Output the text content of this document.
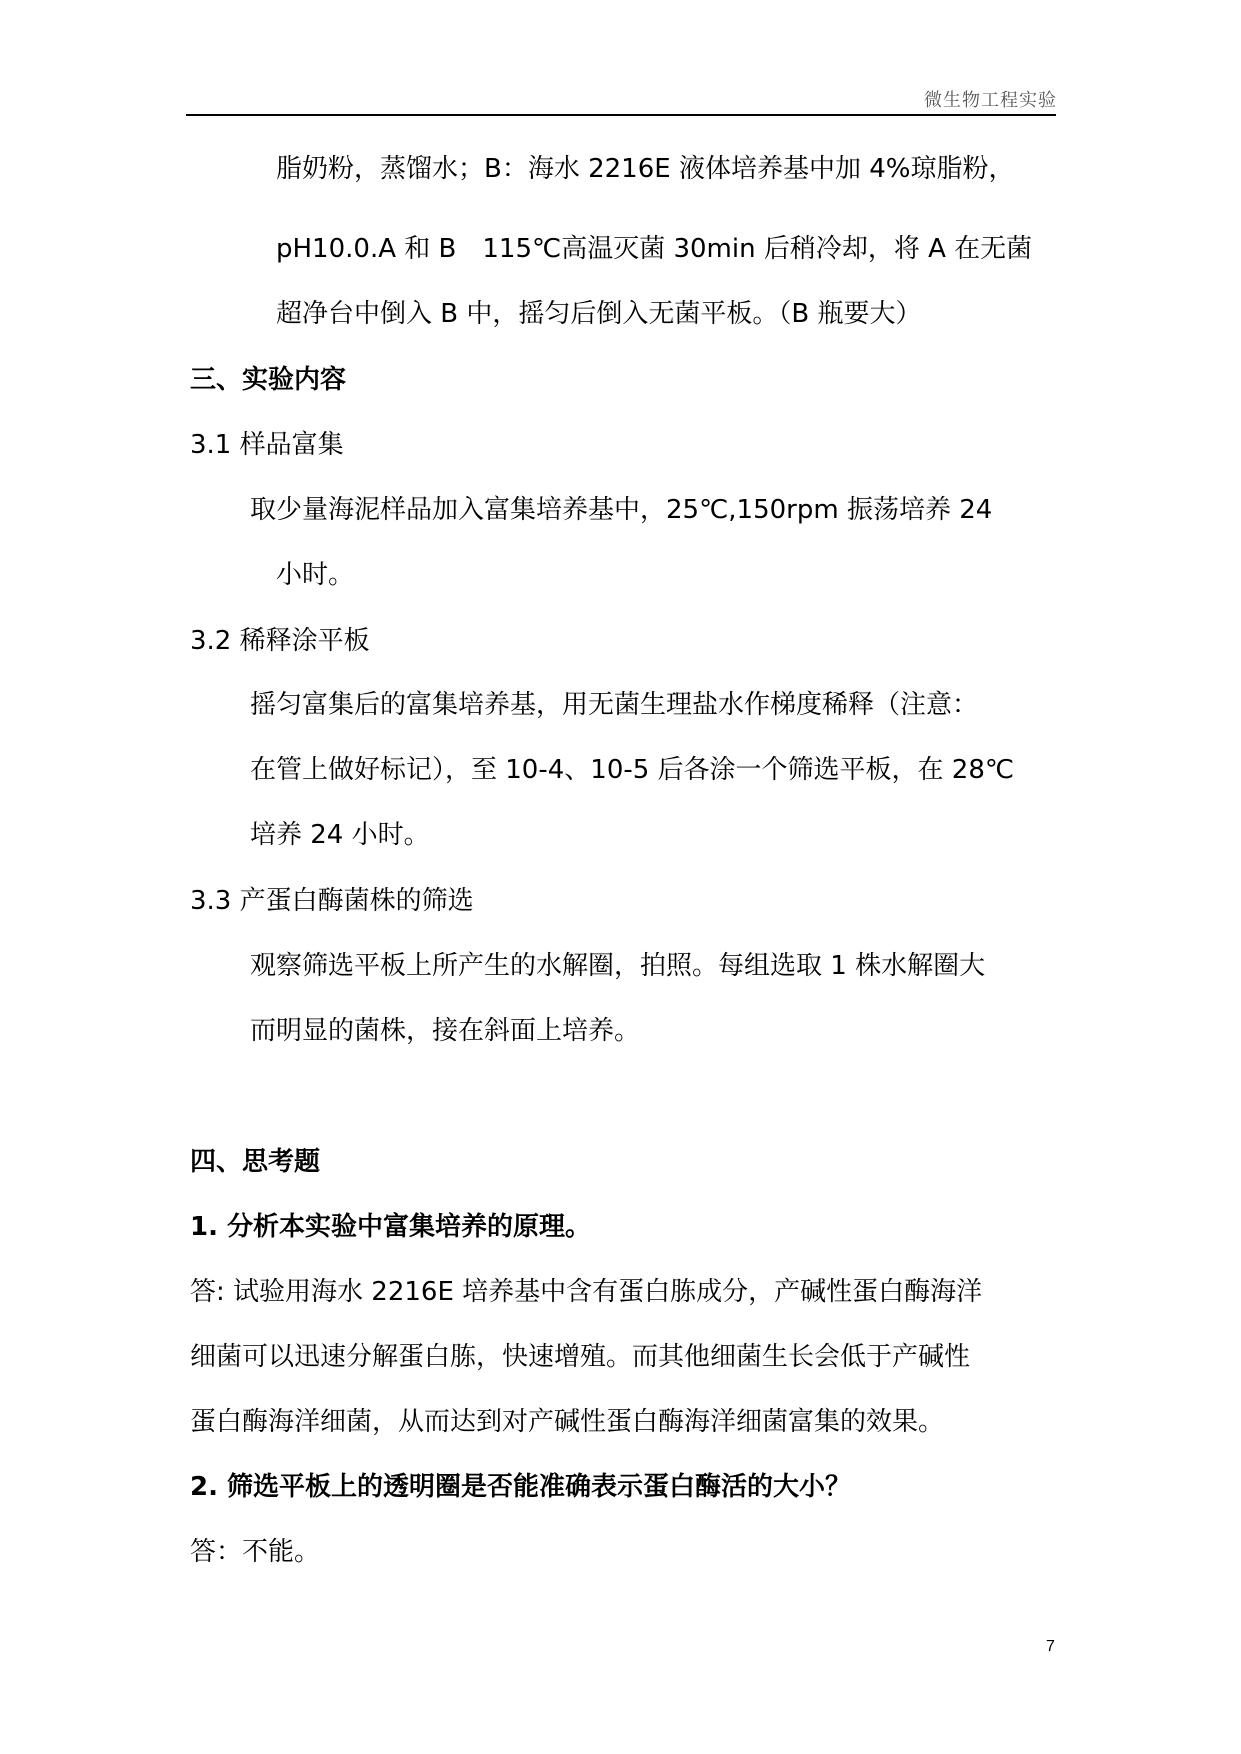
微生物工程实验
脂奶粉，蒸馏水；B：海水 2216E 液体培养基中加 4%琼脂粉，
pH10.0.A 和 B　115℃高温灭菌 30min 后稍冷却，将 A 在无菌
超净台中倒入 B 中，摇匀后倒入无菌平板。（B 瓶要大）
三、实验内容
3.1 样品富集
取少量海泥样品加入富集培养基中，25℃,150rpm 振荡培养 24
小时。
3.2 稀释涂平板
摇匀富集后的富集培养基，用无菌生理盐水作梯度稀释（注意：
在管上做好标记），至 10-4、10-5 后各涂一个筛选平板，在 28℃
培养 24 小时。
3.3 产蛋白酶菌株的筛选
观察筛选平板上所产生的水解圈，拍照。每组选取 1 株水解圈大
而明显的菌株，接在斜面上培养。
四、思考题
1. 分析本实验中富集培养的原理。
答: 试验用海水 2216E 培养基中含有蛋白胨成分，产碱性蛋白酶海洋
细菌可以迅速分解蛋白胨，快速增殖。而其他细菌生长会低于产碱性
蛋白酶海洋细菌，从而达到对产碱性蛋白酶海洋细菌富集的效果。
2. 筛选平板上的透明圈是否能准确表示蛋白酶活的大小？
答：不能。
7
